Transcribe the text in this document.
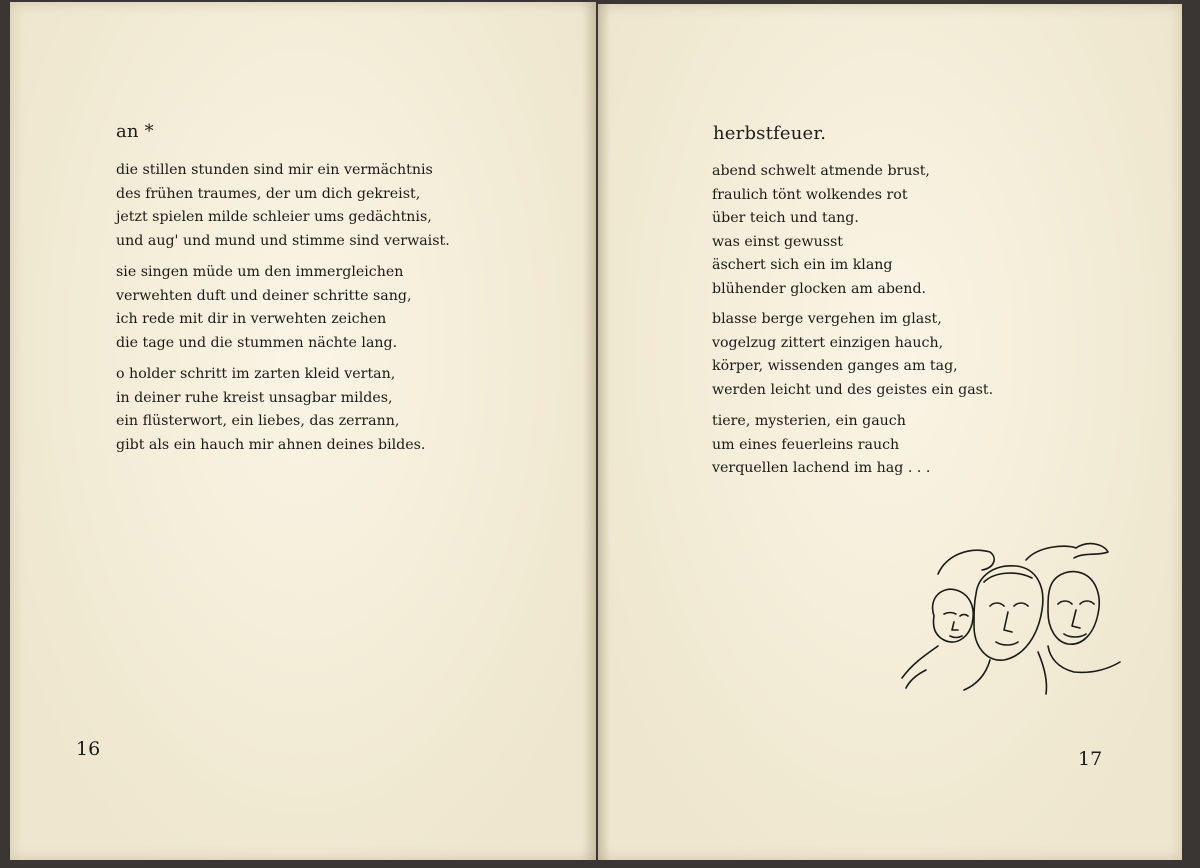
an *
die stillen stunden sind mir ein vermächtnis
des frühen traumes, der um dich gekreist,
jetzt spielen milde schleier ums gedächtnis,
und aug' und mund und stimme sind verwaist.
sie singen müde um den immergleichen
verwehten duft und deiner schritte sang,
ich rede mit dir in verwehten zeichen
die tage und die stummen nächte lang.
o holder schritt im zarten kleid vertan,
in deiner ruhe kreist unsagbar mildes,
ein flüsterwort, ein liebes, das zerrann,
gibt als ein hauch mir ahnen deines bildes.
16
herbstfeuer.
abend schwelt atmende brust,
fraulich tönt wolkendes rot
über teich und tang.
was einst gewusst
äschert sich ein im klang
blühender glocken am abend.
blasse berge vergehen im glast,
vogelzug zittert einzigen hauch,
körper, wissenden ganges am tag,
werden leicht und des geistes ein gast.
tiere, mysterien, ein gauch
um eines feuerleins rauch
verquellen lachend im hag . . .
17
